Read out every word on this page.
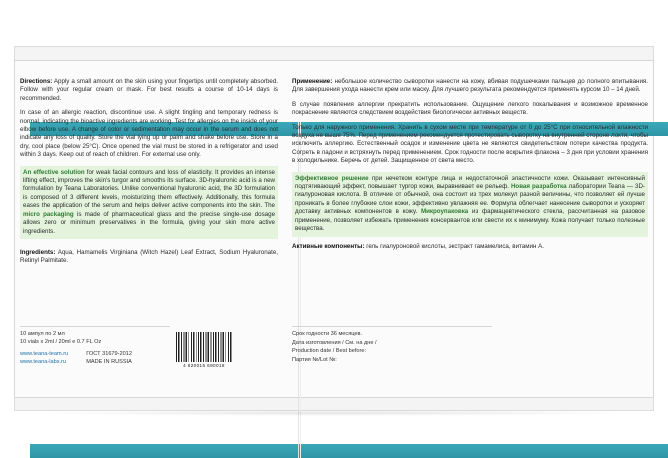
Directions: Apply a small amount on the skin using your fingertips until completely absorbed. Follow with your regular cream or mask. For best results a course of 10-14 days is recommended.

In case of an allergic reaction, discontinue use. A slight tingling and temporary redness is normal, indicating the bioactive ingredients are working. Test for allergies on the inside of your elbow before use. A change of color or sedimentation may occur in the serum and does not indicate any loss of quality. Store the vial lying up or palm and shake before use. Store in a dry, cool place (below 25°C). Once opened the vial must be stored in a refrigerator and used within 3 days. Keep out of reach of children. For external use only.

An effective solution for weak facial contours and loss of elasticity. It provides an intense lifting effect, improves the skin's turgor and smooths its surface. 3D-hyaluronic acid is a new formulation by Teana Laboratories. Unlike conventional hyaluronic acid, the 3D formulation is composed of 3 different levels, moisturizing them effectively. Additionally, this formula eases the application of the serum and helps deliver active components into the skin. The micro packaging is made of pharmaceutical glass and the precise single-use dosage allows zero or minimum preservatives in the formula, giving your skin more active ingredients.

Ingredients: Aqua, Hamamelis Virginiana (Witch Hazel) Leaf Extract, Sodium Hyaluronate, Retinyl Palmitate.

Применение: небольшое количество сыворотки нанести на кожу, вбивая подушечками пальцев до полного впитывания. Для завершения ухода нанести крем или маску. Для лучшего результата рекомендуется применять курсом 10 – 14 дней.

В случае появления аллергии прекратить использование. Ощущение легкого покалывания и возможное временное покраснение являются следствием воздействия биологически активных веществ.

Только для наружного применения. Хранить в сухом месте при температуре от 0 до 25°С при относительной влажности воздуха не выше 75%. Перед применением рекомендуется протестировать сыворотку на внутренней стороне локтя, чтобы исключить аллергию. Естественный осадок и изменение цвета не являются свидетельством потери качества продукта. Согреть в ладони и встряхнуть перед применением. Срок годности после вскрытия флакона – 3 дня при условии хранения в холодильнике. Беречь от детей. Защищенное от света место.

Эффективное решение при нечетком контуре лица и недостаточной эластичности кожи. Оказывает интенсивный подтягивающий эффект, повышает тургор кожи, выравнивает ее рельеф. Новая разработка лаборатории Teana — 3D-гиалуроновая кислота. В отличие от обычной, она состоит из трех молекул разной величины, что позволяет ей лучше проникать в более глубокие слои кожи, эффективно увлажняя ее. Формула облегчает нанесение сыворотки и ускоряет доставку активных компонентов в кожу. Микроупаковка из фармацевтического стекла, рассчитанная на разовое применение, позволяет избежать применения консервантов или свести их к минимуму. Кожа получает только полезные вещества.

Активные компоненты: гель гиалуроновой кислоты, экстракт гамамелиса, витамин А.

10 ампул по 2 мл
10 vials x 2ml / 20ml e 0.7 FL Oz
www.teana-team.ru
www.teana-labs.ru
ГОСТ 31679-2012
MADE IN RUSSIA
4 620015 690018
Срок годности 36 месяцев.
Дата изготовления / См. на дне /
Production date / Best before:
Партия №/Lot №:
